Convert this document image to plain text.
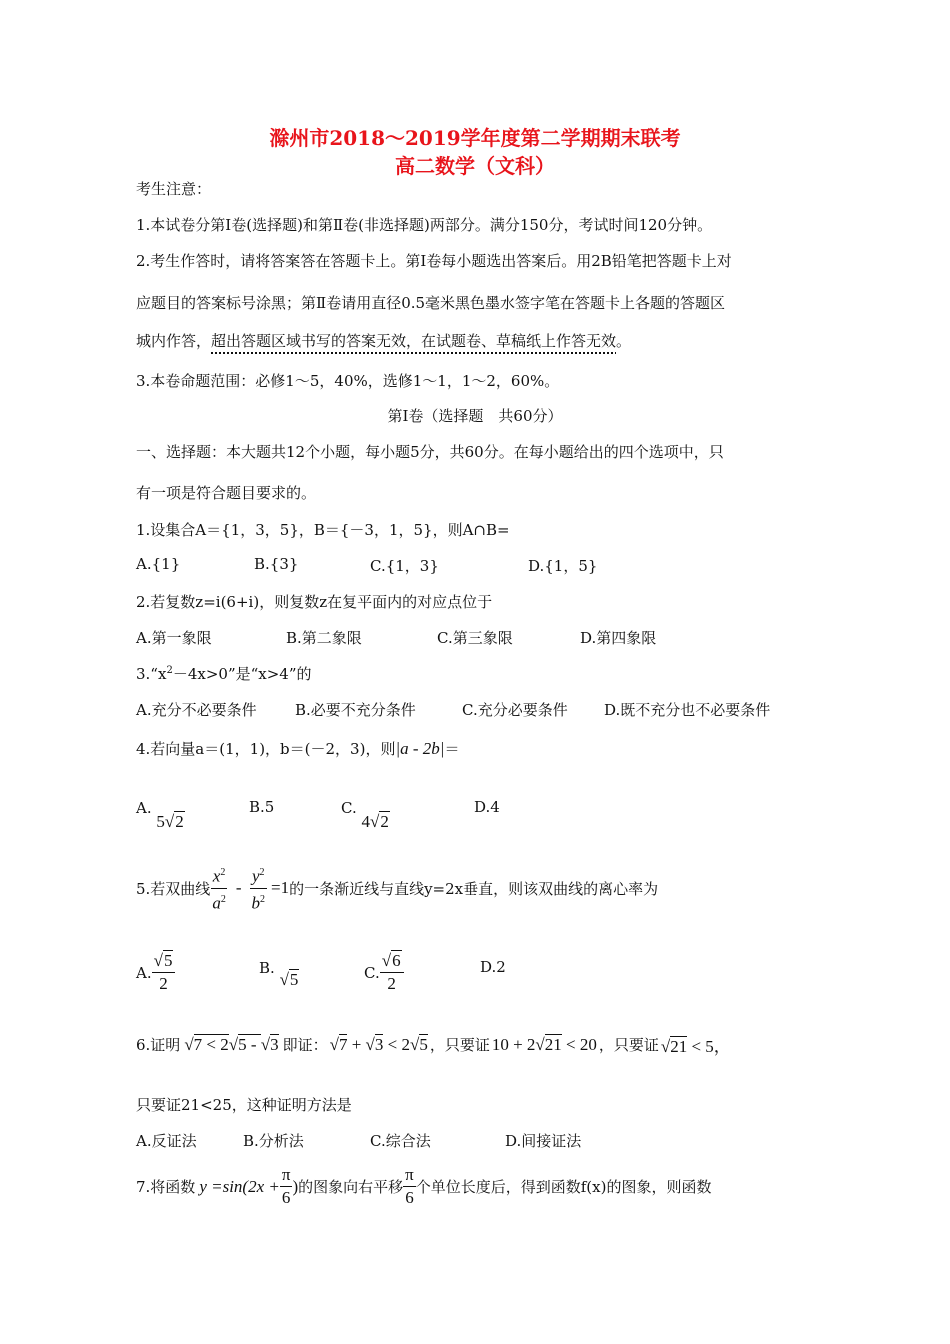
滁州市2018～2019学年度第二学期期末联考
高二数学（文科）
考生注意：
1.本试卷分第Ⅰ卷(选择题)和第Ⅱ卷(非选择题)两部分。满分150分，考试时间120分钟。
2.考生作答时，请将答案答在答题卡上。第Ⅰ卷每小题选出答案后。用2B铅笔把答题卡上对
应题目的答案标号涂黑；第Ⅱ卷请用直径0.5毫米黑色墨水签字笔在答题卡上各题的答题区
城内作答，超出答题区域书写的答案无效，在试题卷、草稿纸上作答无效。
3.本卷命题范围：必修1～5，40%，选修1～1，1～2，60%。
第Ⅰ卷（选择题　共60分）
一、选择题：本大题共12个小题，每小题5分，共60分。在每小题给出的四个选项中，只
有一项是符合题目要求的。
1.设集合A＝{1，3，5}，B＝{－3，1，5}，则A∩B=
A.{1}	B.{3}	C.{1，3}	D.{1，5}
2.若复数z=i(6+i)，则复数z在复平面内的对应点位于
A.第一象限	B.第二象限	C.第三象限	D.第四象限
$3.“x^2-4x>0$”是“x>4”的
A.充分不必要条件	B.必要不充分条件	C.充分必要条件 D.既不充分也不必要条件
4.若向量a＝(1，1)，b＝(－2，3)，则|a - 2b|＝
A. 5√2
B.5	C. 4√2
D.4
5.若双曲线 $\frac{x^2}{a^2} - \frac{y^2}{b^2} =1$ 的一条渐近线与直线y=2x垂直，则该双曲线的离心率为
A. $\frac{√5}{2}$	B. √5	C. $\frac{√6}{2}$	D.2
6.证明 √7 < 2√5 - √3 即证： √7 + √3 < 2√5 ，只要证 10 + 2√21 < 20 ，只要证 √21 < 5，
只要证21<25，这种证明方法是
A.反证法	B.分析法	C.综合法	D.间接证法
7.将函数 $y =\sin(2x + \frac{\pi}{6}$ ) 的图象向右平移 $\frac{\pi}{6}$ 个单位长度后，得到函数f(x)的图象，则函数
